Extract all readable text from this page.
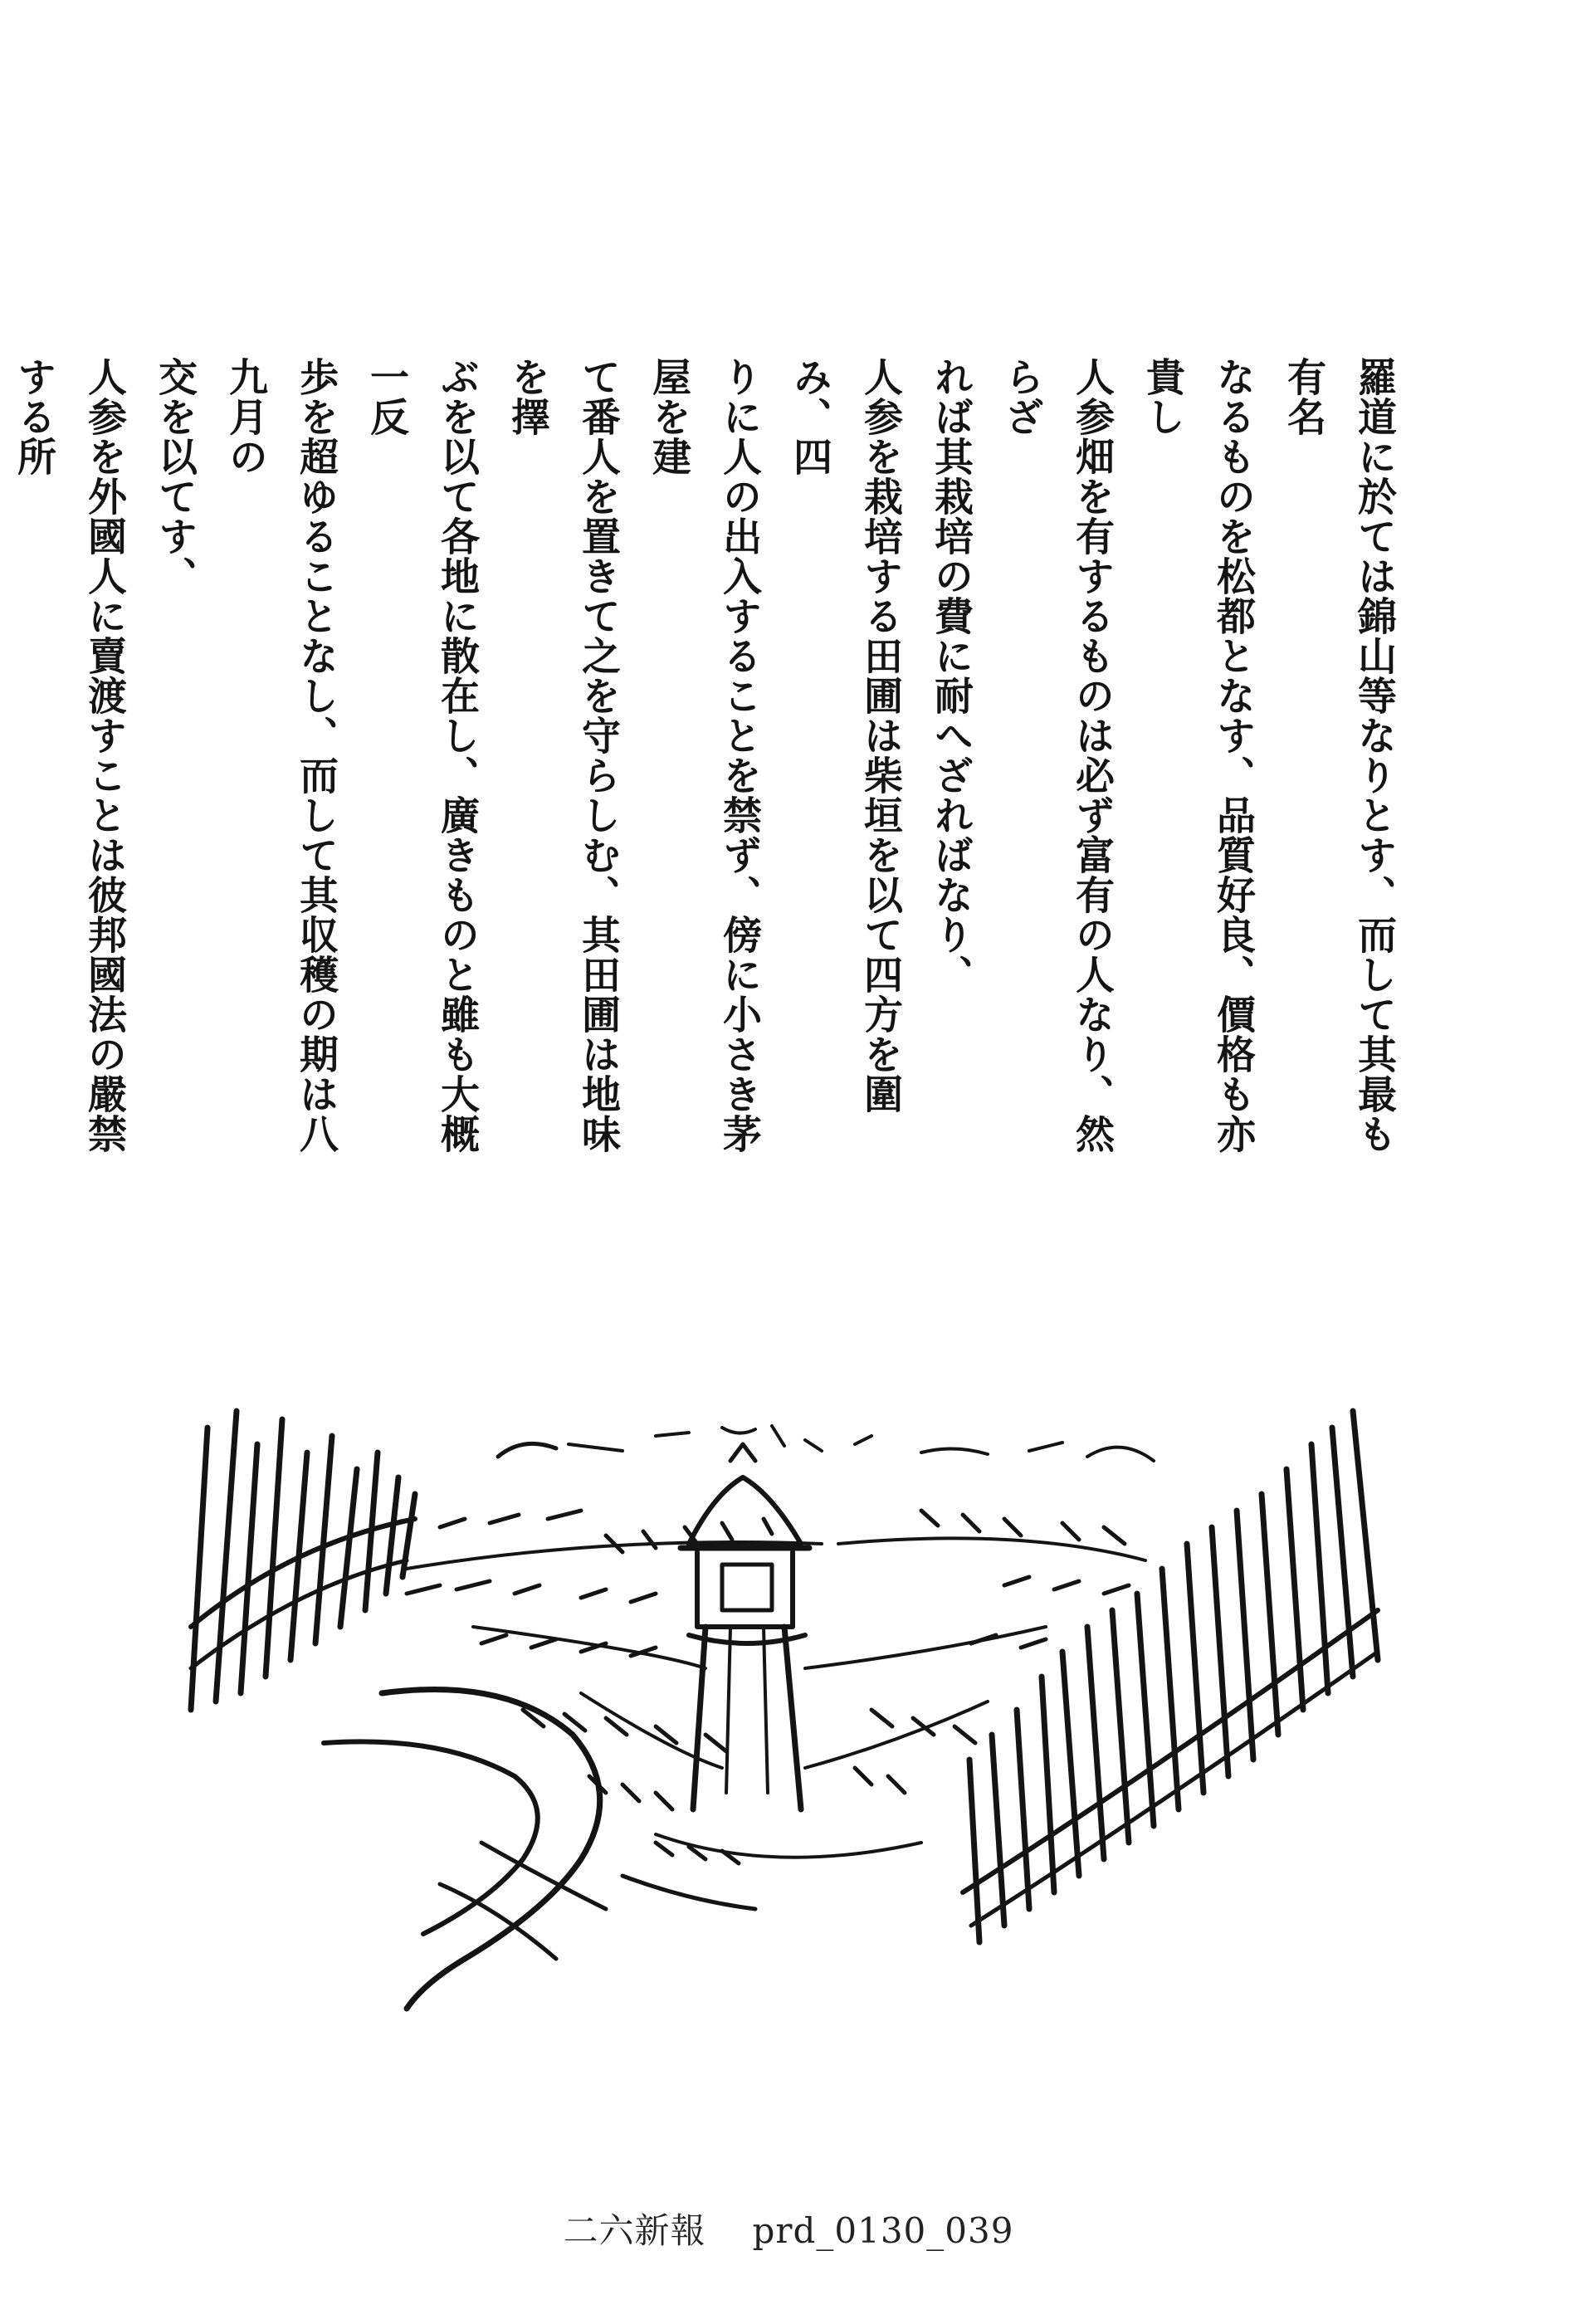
羅道に於ては錦山等なりとす、而して其最も有名

なるものを松都となす、品質好良、價格も亦貴し

人参畑を有するものは必ず富有の人なり、然らざ

れば其栽培の費に耐へざればなり、

人参を栽培する田圃は柴垣を以て四方を圍み、四

りに人の出入することを禁ず、傍に小さき茅屋を建

て番人を置きて之を守らしむ、其田圃は地味を擇

ぶを以て各地に散在し、廣きものと雖も大概一反

歩を超ゆることなし、而して其収穫の期は八九月の

交を以てす、

人参を外國人に賣渡すことは彼邦國法の嚴禁する所

二六新報 prd_0130_039
